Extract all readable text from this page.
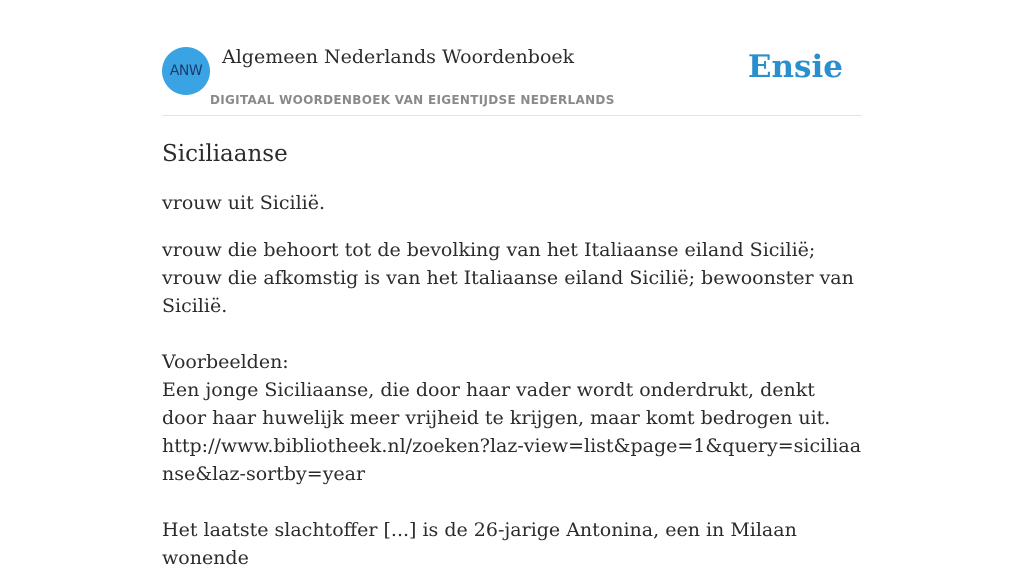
ANW
Algemeen Nederlands Woordenboek
DIGITAAL WOORDENBOEK VAN EIGENTIJDSE NEDERLANDS
Ensie
Siciliaanse

vrouw uit Sicilië.

vrouw die behoort tot de bevolking van het Italiaanse eiland Sicilië; vrouw die afkomstig is van het Italiaanse eiland Sicilië; bewoonster van Sicilië.
Voorbeelden:
Een jonge Siciliaanse, die door haar vader wordt onderdrukt, denkt door haar huwelijk meer vrijheid te krijgen, maar komt bedrogen uit.
http://www.bibliotheek.nl/zoeken?laz-view=list&page=1&query=siciliaanse&laz-sortby=year
Het laatste slachtoffer [...] is de 26-jarige Antonina, een in Milaan wonende
